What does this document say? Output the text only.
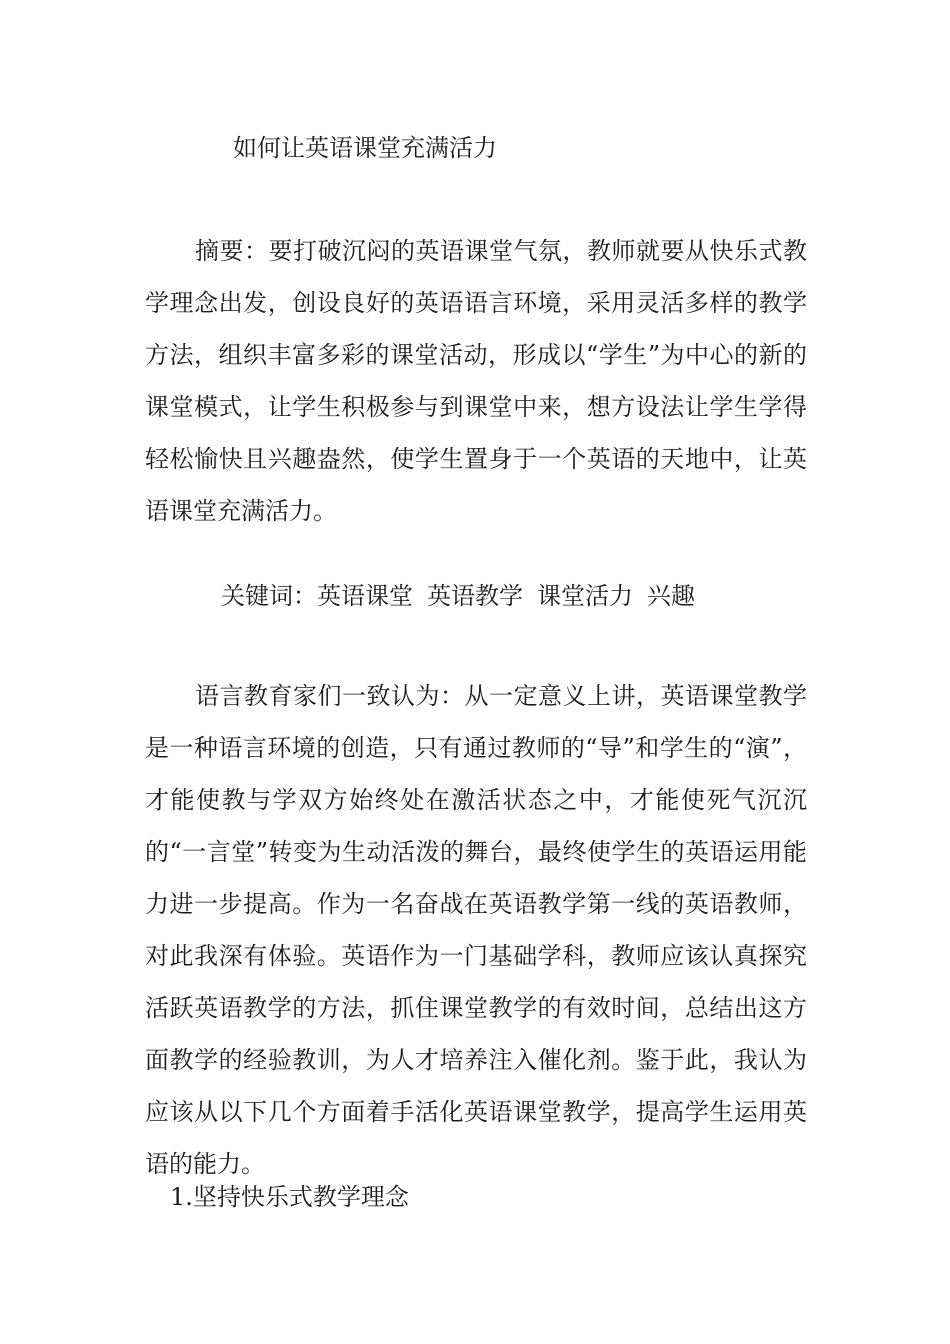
如何让英语课堂充满活力
摘要：要打破沉闷的英语课堂气氛，教师就要从快乐式教学理念出发，创设良好的英语语言环境，采用灵活多样的教学方法，组织丰富多彩的课堂活动，形成以“学生”为中心的新的课堂模式，让学生积极参与到课堂中来，想方设法让学生学得轻松愉快且兴趣盎然，使学生置身于一个英语的天地中，让英语课堂充满活力。
关键词：英语课堂 英语教学 课堂活力 兴趣
语言教育家们一致认为：从一定意义上讲，英语课堂教学是一种语言环境的创造，只有通过教师的“导”和学生的“演”，才能使教与学双方始终处在激活状态之中，才能使死气沉沉的“一言堂”转变为生动活泼的舞台，最终使学生的英语运用能力进一步提高。作为一名奋战在英语教学第一线的英语教师，对此我深有体验。英语作为一门基础学科，教师应该认真探究活跃英语教学的方法，抓住课堂教学的有效时间，总结出这方面教学的经验教训，为人才培养注入催化剂。鉴于此，我认为应该从以下几个方面着手活化英语课堂教学，提高学生运用英语的能力。
1.坚持快乐式教学理念
